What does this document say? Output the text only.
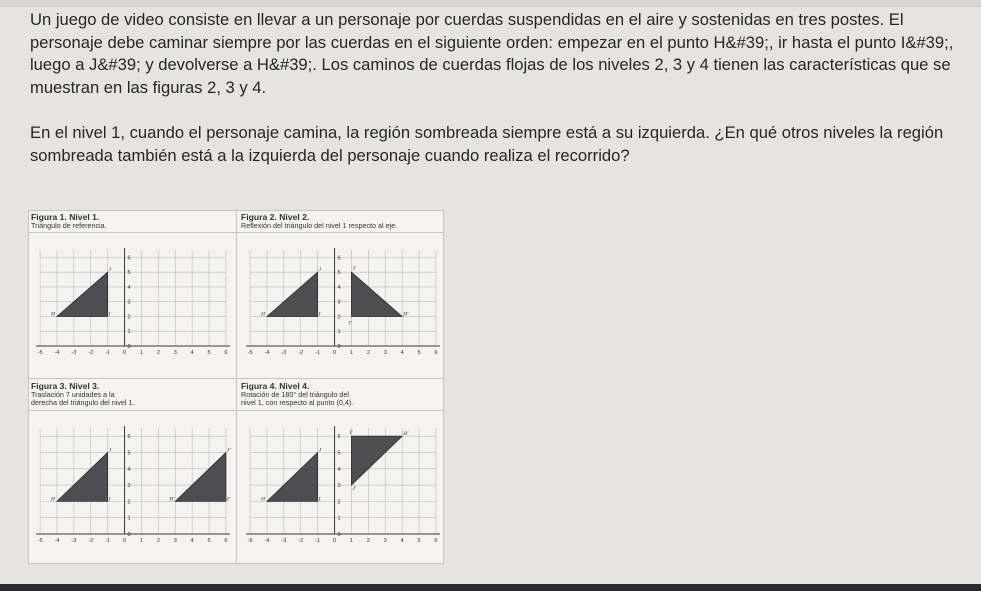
Un juego de video consiste en llevar a un personaje por cuerdas suspendidas en el aire y sostenidas en tres postes. El personaje debe caminar siempre por las cuerdas en el siguiente orden: empezar en el punto H&#39;, ir hasta el punto I&#39;, luego a J&#39; y devolverse a H&#39;. Los caminos de cuerdas flojas de los niveles 2, 3 y 4 tienen las características que se muestran en las figuras 2, 3 y 4.

En el nivel 1, cuando el personaje camina, la región sombreada siempre está a su izquierda. ¿En qué otros niveles la región sombreada también está a la izquierda del personaje cuando realiza el recorrido?

Figura 1. Nivel 1.
Triángulo de referencia.
Figura 2. Nivel 2.
Reflexión del triángulo del nivel 1 respecto al eje.
Figura 3. Nivel 3.
Traslación 7 unidades a la
derecha del triángulo del nivel 1.
Figura 4. Nivel 4.
Rotación de 180° del triángulo del
nivel 1, con respecto al punto (0,4).
-5 -4 -3 -2 -1 0	1	2	3	4	5	6
6
5
4
3
2
1
0
H	I
J
-5 -4 -3 -2 -1 0	1	2	3	4	5	6
6
5
4
3
2
1
0
H	I
J
I'
H'
J'
-5 -4 -3 -2 -1 0	1	2	3	4	5	6
6
5
4
3
2
1
0
H	I
J
H'	I'
J'
-5 -4 -3 -2 -1 0	1	2	3	4	5	6
6
5
4
3
2
1
0
H	I
J
I'	H'
J'
